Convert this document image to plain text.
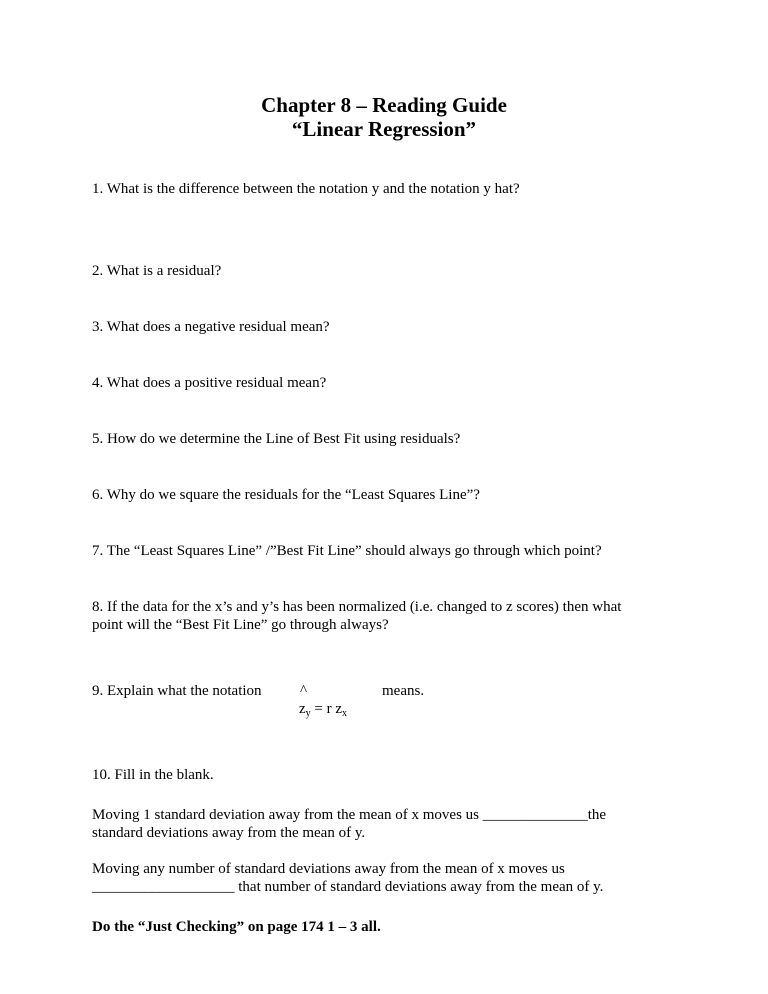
Chapter 8 – Reading Guide
“Linear Regression”

1. What is the difference between the notation y and the notation y hat?

2. What is a residual?

3. What does a negative residual mean?

4. What does a positive residual mean?

5. How do we determine the Line of Best Fit using residuals?

6. Why do we square the residuals for the “Least Squares Line”?

7. The “Least Squares Line” /”Best Fit Line” should always go through which point?

8. If the data for the x’s and y’s has been normalized (i.e. changed to z scores) then what point will the “Best Fit Line” go through always?

9. Explain what the notation	^	means.
$z_y = r$ $z_x$

10. Fill in the blank.

Moving 1 standard deviation away from the mean of x moves us ______________the
standard deviations away from the mean of y.
Moving any number of standard deviations away from the mean of x moves us
___________________ that number of standard deviations away from the mean of y.
Do the “Just Checking” on page 174 1 – 3 all.
